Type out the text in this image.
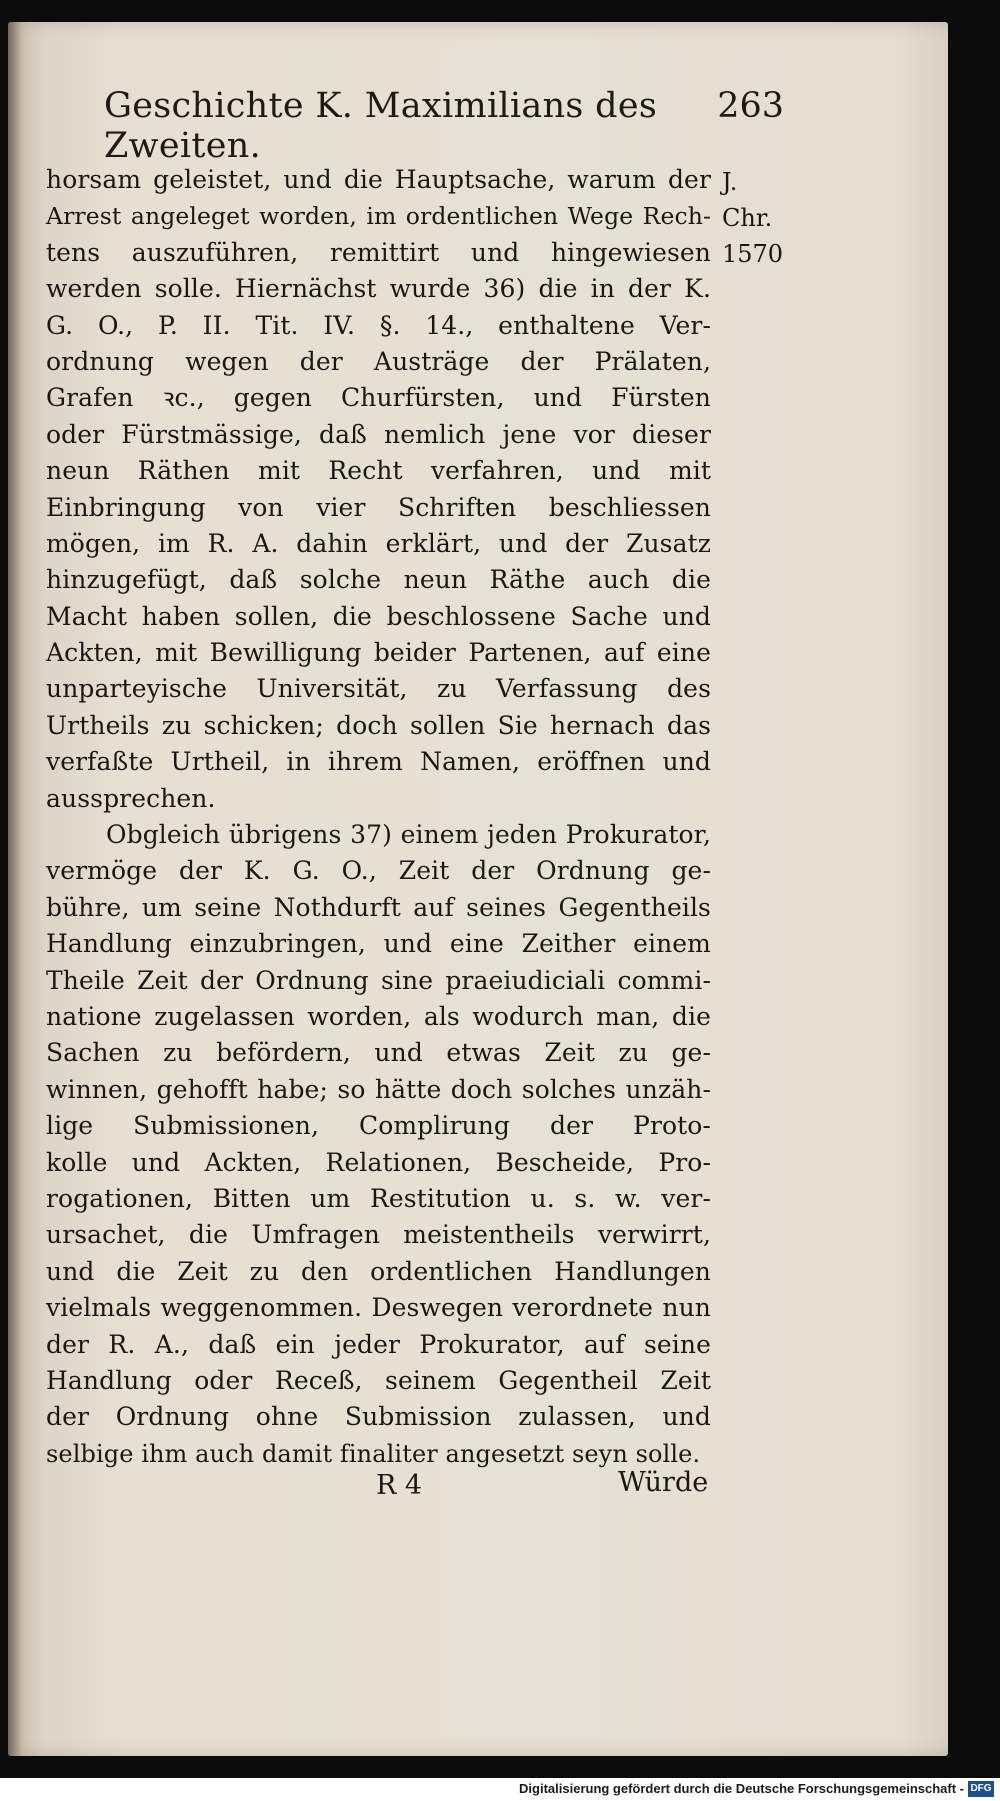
Geschichte K. Maximilians des Zweiten.
263
J. Chr.
1570
horsam geleistet, und die Hauptsache, warum der
Arrest angeleget worden, im ordentlichen Wege Rech-
tens auszuführen, remittirt und hingewiesen
werden solle. Hiernächst wurde 36) die in der K.
G. O., P. II. Tit. IV. §. 14., enthaltene Ver-
ordnung wegen der Austräge der Prälaten,
Grafen ꝛc., gegen Churfürsten, und Fürsten
oder Fürstmässige, daß nemlich jene vor dieser
neun Räthen mit Recht verfahren, und mit
Einbringung von vier Schriften beschliessen
mögen, im R. A. dahin erklärt, und der Zusatz
hinzugefügt, daß solche neun Räthe auch die
Macht haben sollen, die beschlossene Sache und
Ackten, mit Bewilligung beider Partenen, auf eine
unparteyische Universität, zu Verfassung des
Urtheils zu schicken; doch sollen Sie hernach das
verfaßte Urtheil, in ihrem Namen, eröffnen und
aussprechen.
Obgleich übrigens 37) einem jeden Prokurator,
vermöge der K. G. O., Zeit der Ordnung ge-
bühre, um seine Nothdurft auf seines Gegentheils
Handlung einzubringen, und eine Zeither einem
Theile Zeit der Ordnung sine praeiudiciali commi-
natione zugelassen worden, als wodurch man, die
Sachen zu befördern, und etwas Zeit zu ge-
winnen, gehofft habe; so hätte doch solches unzäh-
lige Submissionen, Complirung der Proto-
kolle und Ackten, Relationen, Bescheide, Pro-
rogationen, Bitten um Restitution u. s. w. ver-
ursachet, die Umfragen meistentheils verwirrt,
und die Zeit zu den ordentlichen Handlungen
vielmals weggenommen. Deswegen verordnete nun
der R. A., daß ein jeder Prokurator, auf seine
Handlung oder Receß, seinem Gegentheil Zeit
der Ordnung ohne Submission zulassen, und
selbige ihm auch damit finaliter angesetzt seyn solle.
R 4	Würde
Digitalisierung gefördert durch die Deutsche Forschungsgemeinschaft - DFG
